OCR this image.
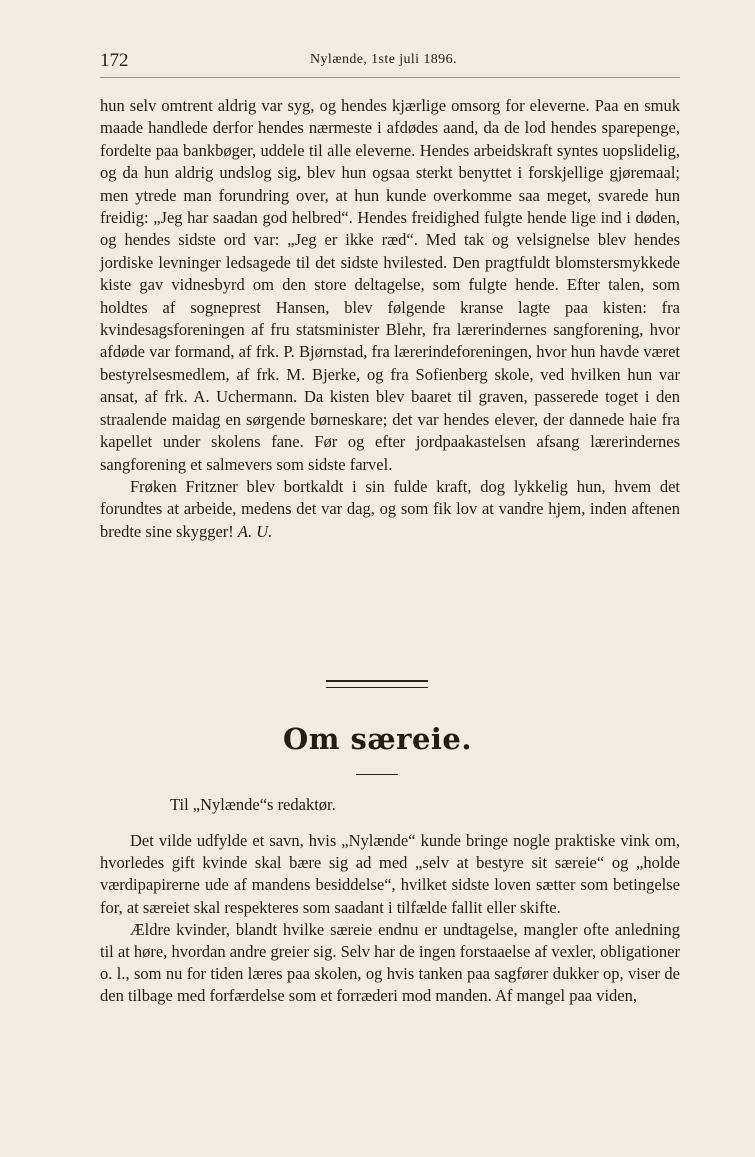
172	Nylænde, 1ste juli 1896.

hun selv omtrent aldrig var syg, og hendes kjærlige omsorg for eleverne. Paa en smuk maade handlede derfor hendes nærmeste i afdødes aand, da de lod hendes sparepenge, fordelte paa bankbøger, uddele til alle eleverne. Hendes arbeidskraft syntes uopslidelig, og da hun aldrig undslog sig, blev hun ogsaa sterkt benyttet i forskjellige gjøremaal; men ytrede man forundring over, at hun kunde overkomme saa meget, svarede hun freidig: „Jeg har saadan god helbred“. Hendes freidighed fulgte hende lige ind i døden, og hendes sidste ord var: „Jeg er ikke ræd“. Med tak og velsignelse blev hendes jordiske levninger ledsagede til det sidste hvilested. Den pragtfuldt blomstersmykkede kiste gav vidnesbyrd om den store deltagelse, som fulgte hende. Efter talen, som holdtes af sogneprest Hansen, blev følgende kranse lagte paa kisten: fra kvindesagsforeningen af fru statsminister Blehr, fra lærerindernes sangforening, hvor afdøde var formand, af frk. P. Bjørnstad, fra lærerindeforeningen, hvor hun havde været bestyrelsesmedlem, af frk. M. Bjerke, og fra Sofienberg skole, ved hvilken hun var ansat, af frk. A. Uchermann. Da kisten blev baaret til graven, passerede toget i den straalende maidag en sørgende børneskare; det var hendes elever, der dannede haie fra kapellet under skolens fane. Før og efter jordpaakastelsen afsang lærerindernes sangforening et salmevers som sidste farvel.

Frøken Fritzner blev bortkaldt i sin fulde kraft, dog lykkelig hun, hvem det forundtes at arbeide, medens det var dag, og som fik lov at vandre hjem, inden aftenen bredte sine skygger! A. U.

Om særeie.
Til „Nylænde“s redaktør.

Det vilde udfylde et savn, hvis „Nylænde“ kunde bringe nogle praktiske vink om, hvorledes gift kvinde skal bære sig ad med „selv at bestyre sit særeie“ og „holde værdipapirerne ude af mandens besiddelse“, hvilket sidste loven sætter som betingelse for, at særeiet skal respekteres som saadant i tilfælde fallit eller skifte.

Ældre kvinder, blandt hvilke særeie endnu er undtagelse, mangler ofte anledning til at høre, hvordan andre greier sig. Selv har de ingen forstaaelse af vexler, obligationer o. l., som nu for tiden læres paa skolen, og hvis tanken paa sagfører dukker op, viser de den tilbage med forfærdelse som et forræderi mod manden. Af mangel paa viden,
